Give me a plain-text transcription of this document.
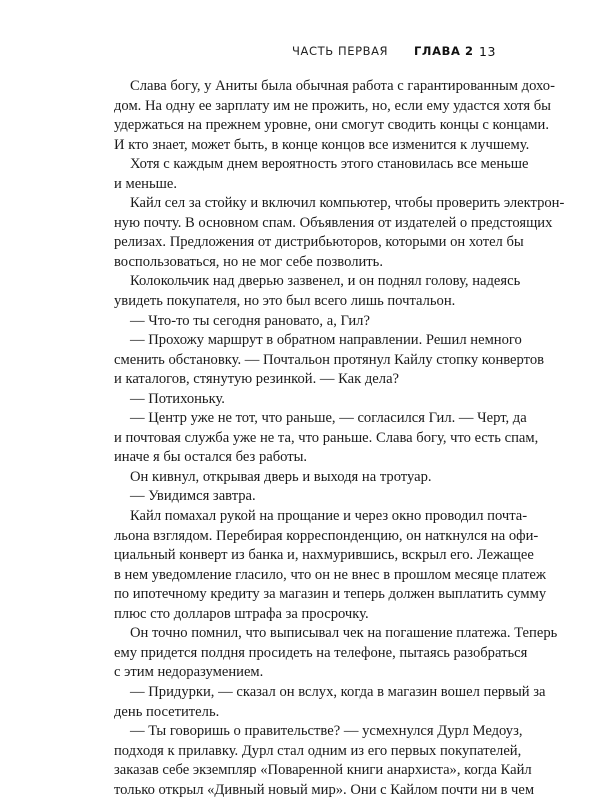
ЧАСТЬ ПЕРВАЯ ГЛАВА 2 13

Слава богу, у Аниты была обычная работа с гарантированным дохо-
дом. На одну ее зарплату им не прожить, но, если ему удастся хотя бы
удержаться на прежнем уровне, они смогут сводить концы с концами.
И кто знает, может быть, в конце концов все изменится к лучшему.

Хотя с каждым днем вероятность этого становилась все меньше
и меньше.

Кайл сел за стойку и включил компьютер, чтобы проверить электрон-
ную почту. В основном спам. Объявления от издателей о предстоящих
релизах. Предложения от дистрибьюторов, которыми он хотел бы
воспользоваться, но не мог себе позволить.

Колокольчик над дверью зазвенел, и он поднял голову, надеясь
увидеть покупателя, но это был всего лишь почтальон.

— Что-то ты сегодня рановато, а, Гил?

— Прохожу маршрут в обратном направлении. Решил немного
сменить обстановку. — Почтальон протянул Кайлу стопку конвертов
и каталогов, стянутую резинкой. — Как дела?

— Потихоньку.

— Центр уже не тот, что раньше, — согласился Гил. — Черт, да
и почтовая служба уже не та, что раньше. Слава богу, что есть спам,
иначе я бы остался без работы.

Он кивнул, открывая дверь и выходя на тротуар.

— Увидимся завтра.

Кайл помахал рукой на прощание и через окно проводил почта-
льона взглядом. Перебирая корреспонденцию, он наткнулся на офи-
циальный конверт из банка и, нахмурившись, вскрыл его. Лежащее
в нем уведомление гласило, что он не внес в прошлом месяце платеж
по ипотечному кредиту за магазин и теперь должен выплатить сумму
плюс сто долларов штрафа за просрочку.

Он точно помнил, что выписывал чек на погашение платежа. Теперь
ему придется полдня просидеть на телефоне, пытаясь разобраться
с этим недоразумением.

— Придурки, — сказал он вслух, когда в магазин вошел первый за
день посетитель.

— Ты говоришь о правительстве? — усмехнулся Дурл Медоуз,
подходя к прилавку. Дурл стал одним из его первых покупателей,
заказав себе экземпляр «Поваренной книги анархиста», когда Кайл
только открыл «Дивный новый мир». Они с Кайлом почти ни в чем
